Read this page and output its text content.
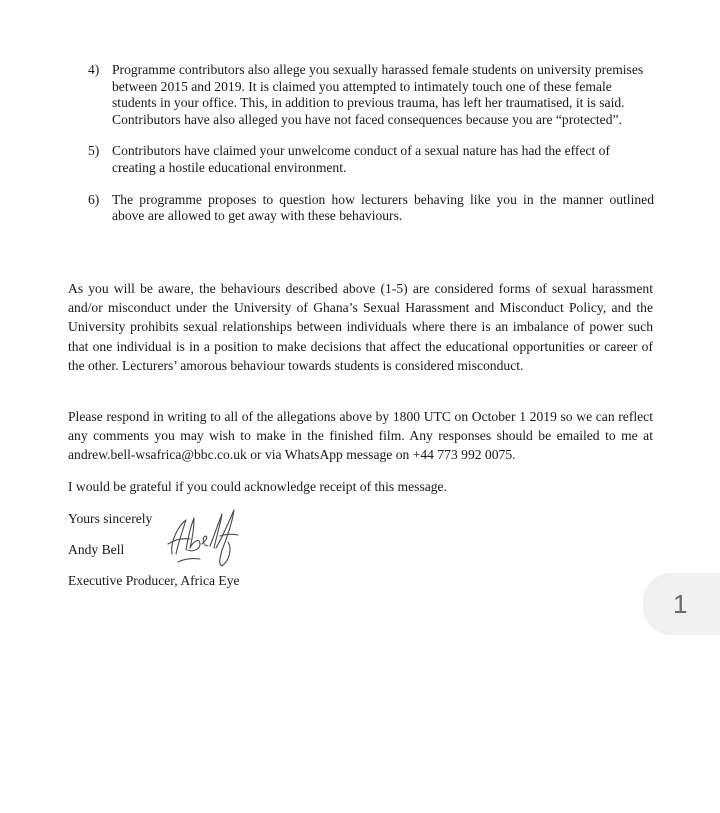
4) Programme contributors also allege you sexually harassed female students on university premises between 2015 and 2019. It is claimed you attempted to intimately touch one of these female students in your office. This, in addition to previous trauma, has left her traumatised, it is said. Contributors have also alleged you have not faced consequences because you are “protected”.
5) Contributors have claimed your unwelcome conduct of a sexual nature has had the effect of creating a hostile educational environment.
6) The programme proposes to question how lecturers behaving like you in the manner outlined above are allowed to get away with these behaviours.

As you will be aware, the behaviours described above (1-5) are considered forms of sexual harassment and/or misconduct under the University of Ghana’s Sexual Harassment and Misconduct Policy, and the University prohibits sexual relationships between individuals where there is an imbalance of power such that one individual is in a position to make decisions that affect the educational opportunities or career of the other. Lecturers’ amorous behaviour towards students is considered misconduct.

Please respond in writing to all of the allegations above by 1800 UTC on October 1 2019 so we can reflect any comments you may wish to make in the finished film. Any responses should be emailed to me at andrew.bell-wsafrica@bbc.co.uk or via WhatsApp message on +44 773 992 0075.

I would be grateful if you could acknowledge receipt of this message.

Yours sincerely
Andy Bell
Executive Producer, Africa Eye
1
